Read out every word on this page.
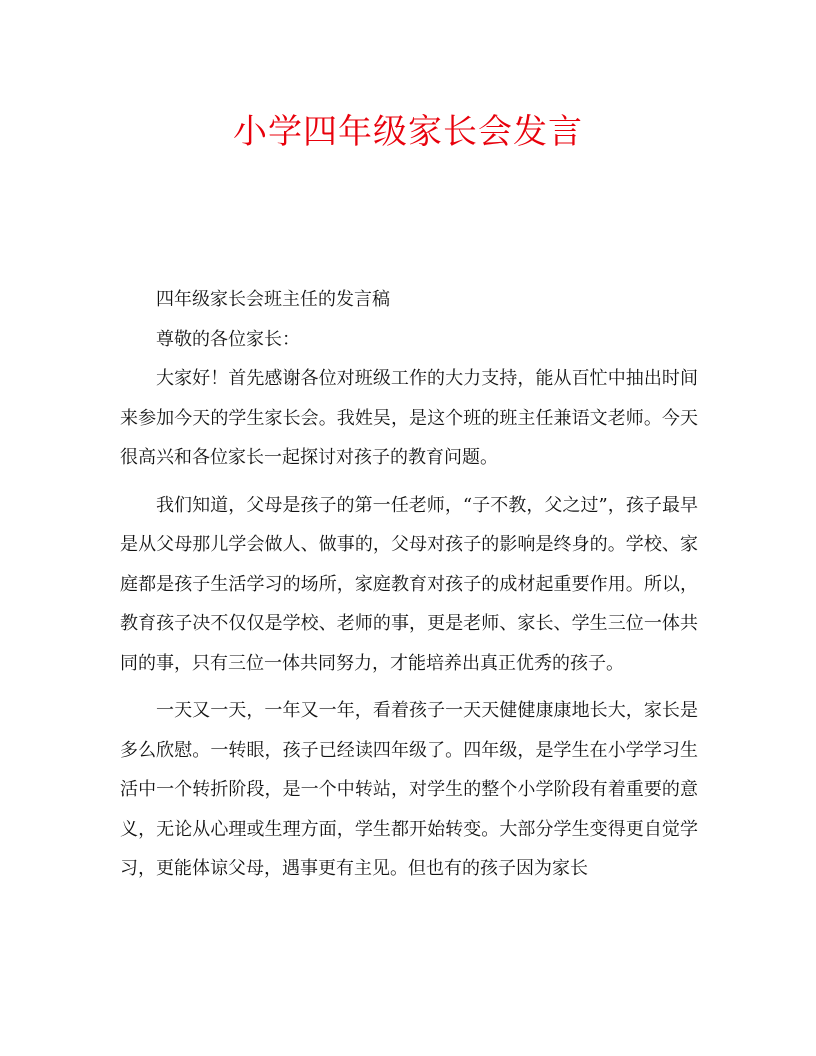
小学四年级家长会发言

四年级家长会班主任的发言稿

尊敬的各位家长：

大家好！首先感谢各位对班级工作的大力支持，能从百忙中抽出时间来参加今天的学生家长会。我姓吴，是这个班的班主任兼语文老师。今天很高兴和各位家长一起探讨对孩子的教育问题。

我们知道，父母是孩子的第一任老师，“子不教，父之过”，孩子最早是从父母那儿学会做人、做事的，父母对孩子的影响是终身的。学校、家庭都是孩子生活学习的场所，家庭教育对孩子的成材起重要作用。所以，教育孩子决不仅仅是学校、老师的事，更是老师、家长、学生三位一体共同的事，只有三位一体共同努力，才能培养出真正优秀的孩子。

一天又一天，一年又一年，看着孩子一天天健健康康地长大，家长是多么欣慰。一转眼，孩子已经读四年级了。四年级，是学生在小学学习生活中一个转折阶段，是一个中转站，对学生的整个小学阶段有着重要的意义，无论从心理或生理方面，学生都开始转变。大部分学生变得更自觉学习，更能体谅父母，遇事更有主见。但也有的孩子因为家长
